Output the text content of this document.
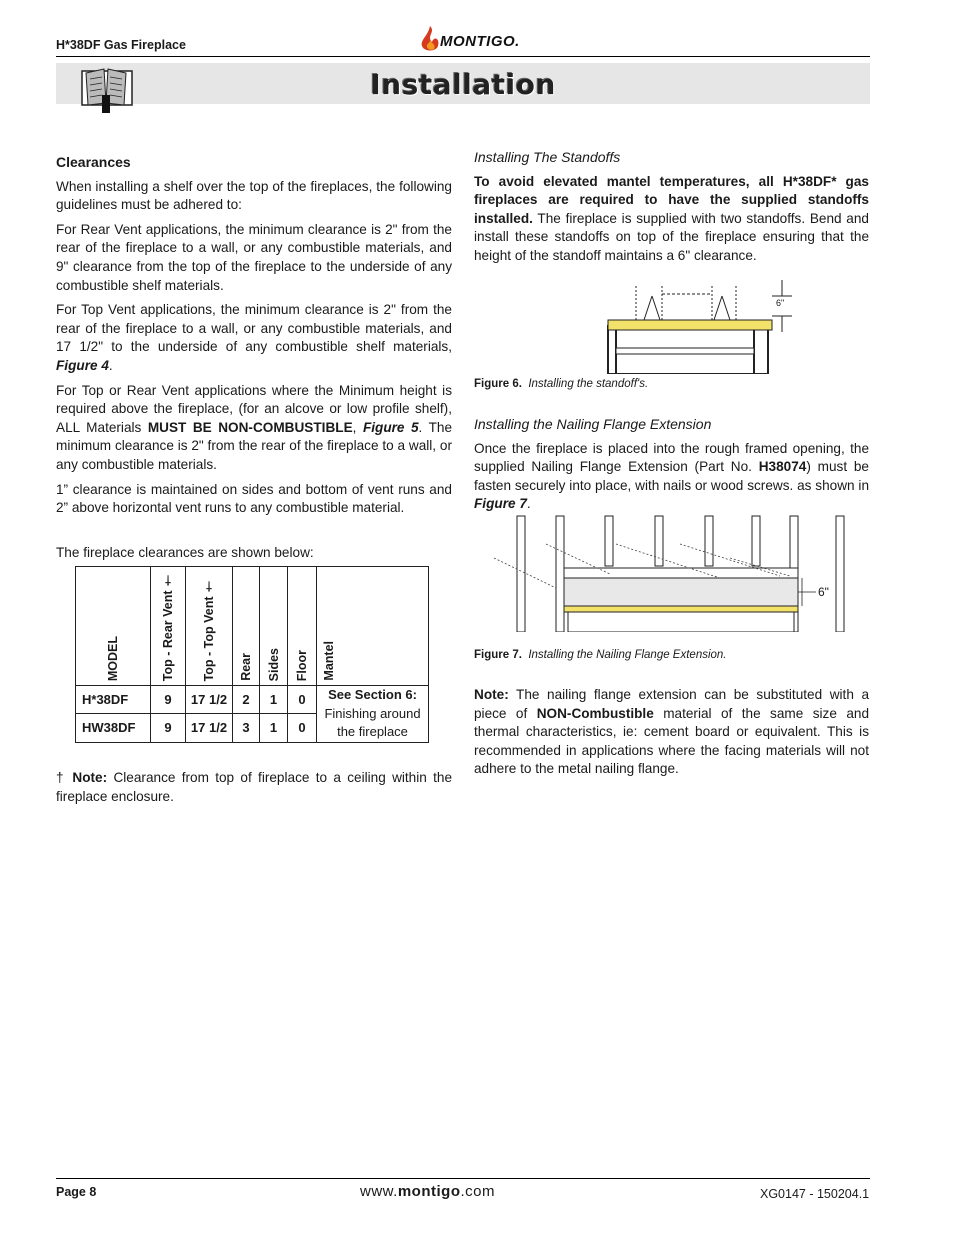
H*38DF Gas Fireplace	MONTIGO.
Installation
Clearances

When installing a shelf over the top of the fireplaces, the following guidelines must be adhered to:

For Rear Vent applications, the minimum clearance is 2" from the rear of the fireplace to a wall, or any combustible materials, and 9" clearance from the top of the fireplace to the underside of any combustible shelf materials.

For Top Vent applications, the minimum clearance is 2" from the rear of the fireplace to a wall, or any combustible materials, and 17 1/2" to the underside of any combustible shelf materials, Figure 4.

For Top or Rear Vent applications where the Minimum height is required above the fireplace, (for an alcove or low profile shelf), ALL Materials MUST BE NON-COMBUSTIBLE, Figure 5. The minimum clearance is 2" from the rear of the fireplace to a wall, or any combustible materials.

1” clearance is maintained on sides and bottom of vent runs and 2” above horizontal vent runs to any combustible material.

The fireplace clearances are shown below:

MODEL	Top - Rear Vent †	Top - Top Vent †	Rear	Sides	Floor	Mantel

H*38DF	9	17 1/2	2	1	0	See Section 6:
Finishing around the fireplace
HW38DF	9	17 1/2	3	1	0	
† Note: Clearance from top of fireplace to a ceiling within the fireplace enclosure.
Installing The Standoffs

To avoid elevated mantel temperatures, all H*38DF* gas fireplaces are required to have the supplied standoffs installed. The fireplace is supplied with two standoffs. Bend and install these standoffs on top of the fireplace ensuring that the height of the standoff maintains a 6" clearance.

6"
Figure 6. Installing the standoff's.
Installing the Nailing Flange Extension

Once the fireplace is placed into the rough framed opening, the supplied Nailing Flange Extension (Part No. H38074) must be fasten securely into place, with nails or wood screws. as shown in Figure 7.

6"
Figure 7. Installing the Nailing Flange Extension.
Note: The nailing flange extension can be substituted with a piece of NON-Combustible material of the same size and thermal characteristics, ie: cement board or equivalent. This is recommended in applications where the facing materials will not adhere to the metal nailing flange.
Page 8	www.montigo.com	XG0147 - 150204.1
